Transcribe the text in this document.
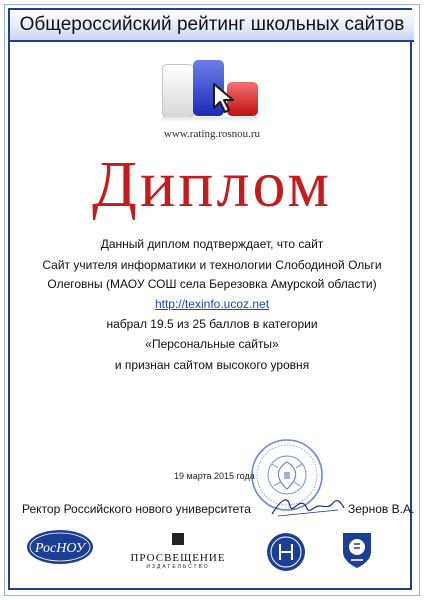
Общероссийский рейтинг школьных сайтов
www.rating.rosnou.ru
Диплом
Данный диплом подтверждает, что сайт
Сайт учителя информатики и технологии Слободиной Ольги
Олеговны (МАОУ СОШ села Березовка Амурской области)
http://texinfo.ucoz.net
набрал 19.5 из 25 баллов в категории
«Персональные сайты»
и признан сайтом высокого уровня
19 марта 2015 года
Ректор Российского нового университета	Зернов В.А.
РосНОУ
ПРОСВЕЩЕНИЕ
ИЗДАТЕЛЬСТВО
